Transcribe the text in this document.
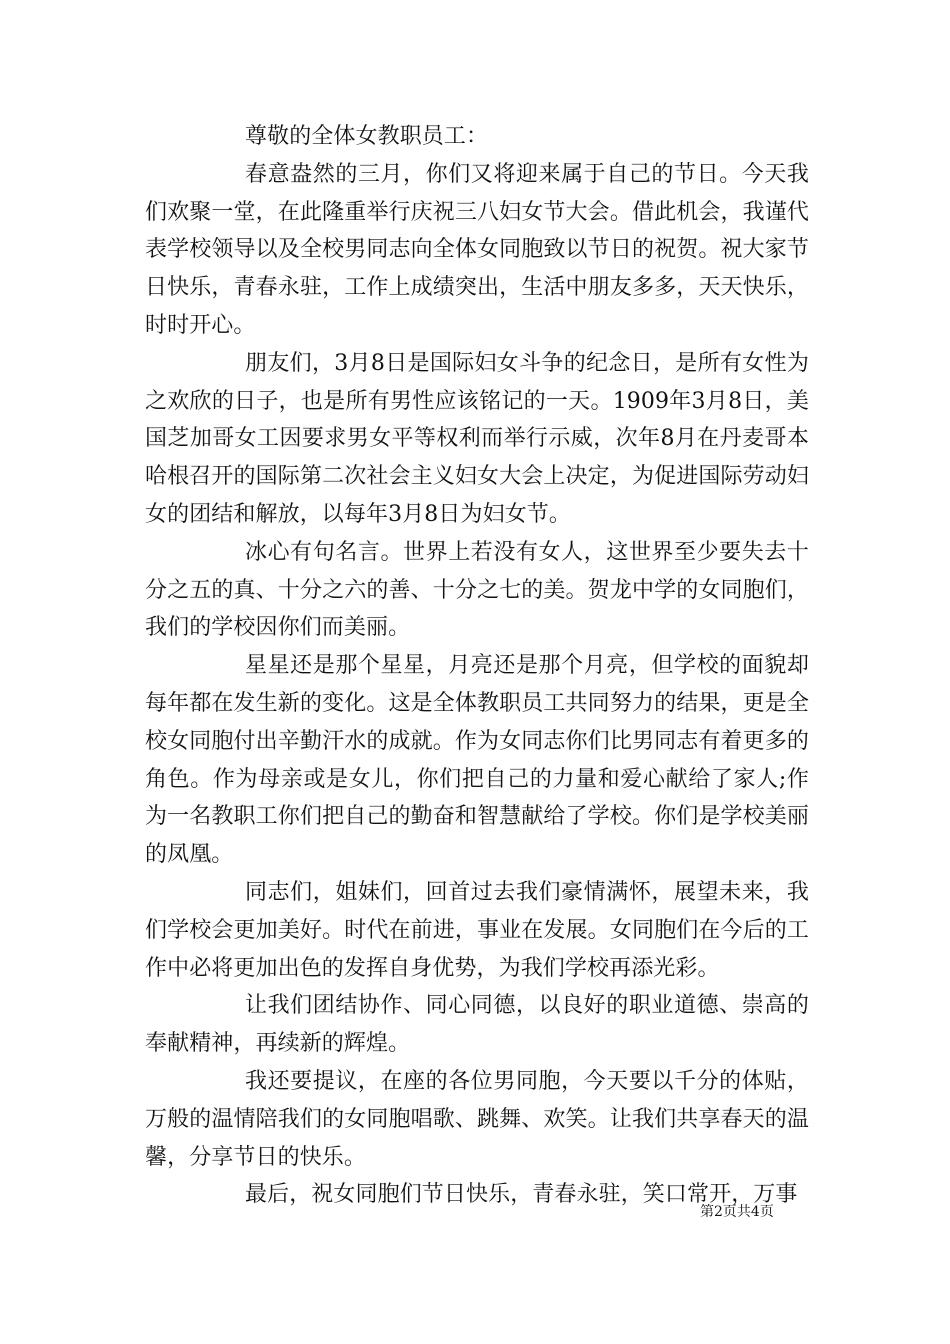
尊敬的全体女教职员工：

春意盎然的三月，你们又将迎来属于自己的节日。今天我们欢聚一堂，在此隆重举行庆祝三八妇女节大会。借此机会，我谨代表学校领导以及全校男同志向全体女同胞致以节日的祝贺。祝大家节日快乐，青春永驻，工作上成绩突出，生活中朋友多多，天天快乐，时时开心。

朋友们，3月8日是国际妇女斗争的纪念日，是所有女性为之欢欣的日子，也是所有男性应该铭记的一天。1909年3月8日，美国芝加哥女工因要求男女平等权利而举行示威，次年8月在丹麦哥本哈根召开的国际第二次社会主义妇女大会上决定，为促进国际劳动妇女的团结和解放，以每年3月8日为妇女节。

冰心有句名言。世界上若没有女人，这世界至少要失去十分之五的真、十分之六的善、十分之七的美。贺龙中学的女同胞们，我们的学校因你们而美丽。

星星还是那个星星，月亮还是那个月亮，但学校的面貌却每年都在发生新的变化。这是全体教职员工共同努力的结果，更是全校女同胞付出辛勤汗水的成就。作为女同志你们比男同志有着更多的角色。作为母亲或是女儿，你们把自己的力量和爱心献给了家人;作为一名教职工你们把自己的勤奋和智慧献给了学校。你们是学校美丽的凤凰。

同志们，姐妹们，回首过去我们豪情满怀，展望未来，我们学校会更加美好。时代在前进，事业在发展。女同胞们在今后的工作中必将更加出色的发挥自身优势，为我们学校再添光彩。

让我们团结协作、同心同德，以良好的职业道德、崇高的奉献精神，再续新的辉煌。

我还要提议，在座的各位男同胞，今天要以千分的体贴，万般的温情陪我们的女同胞唱歌、跳舞、欢笑。让我们共享春天的温馨，分享节日的快乐。

最后，祝女同胞们节日快乐，青春永驻，笑口常开，万事

第2页共4页
